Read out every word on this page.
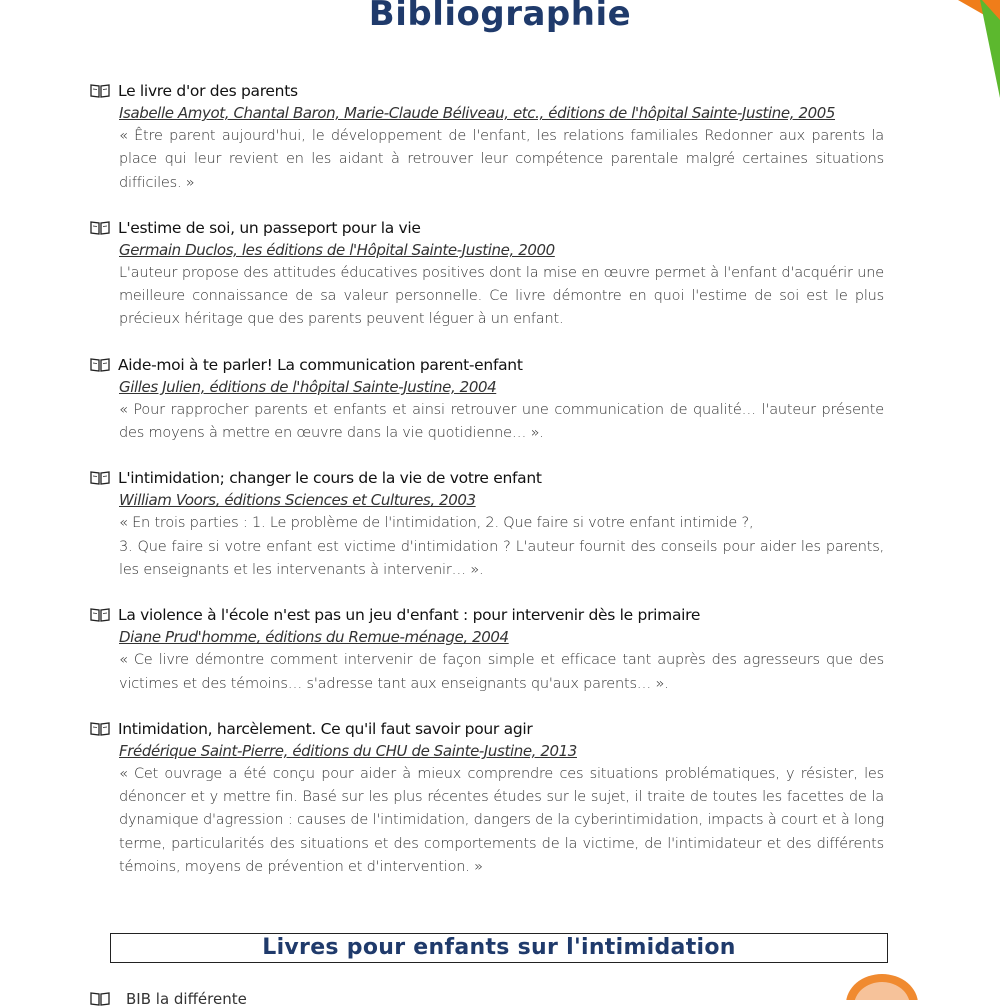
Bibliographie
Le livre d'or des parents
Isabelle Amyot, Chantal Baron, Marie-Claude Béliveau, etc., éditions de l'hôpital Sainte-Justine, 2005

« Être parent aujourd'hui, le développement de l'enfant, les relations familiales Redonner aux parents la place qui leur revient en les aidant à retrouver leur compétence parentale malgré certaines situations difficiles. »

L'estime de soi, un passeport pour la vie
Germain Duclos, les éditions de l'Hôpital Sainte-Justine, 2000

L'auteur propose des attitudes éducatives positives dont la mise en œuvre permet à l'enfant d'acquérir une meilleure connaissance de sa valeur personnelle. Ce livre démontre en quoi l'estime de soi est le plus précieux héritage que des parents peuvent léguer à un enfant.

Aide-moi à te parler! La communication parent-enfant
Gilles Julien, éditions de l'hôpital Sainte-Justine, 2004

« Pour rapprocher parents et enfants et ainsi retrouver une communication de qualité… l'auteur présente des moyens à mettre en œuvre dans la vie quotidienne… ».

L'intimidation; changer le cours de la vie de votre enfant
William Voors, éditions Sciences et Cultures, 2003

« En trois parties : 1. Le problème de l'intimidation, 2. Que faire si votre enfant intimide ?,

3. Que faire si votre enfant est victime d'intimidation ? L'auteur fournit des conseils pour aider les parents, les enseignants et les intervenants à intervenir… ».

La violence à l'école n'est pas un jeu d'enfant : pour intervenir dès le primaire
Diane Prud'homme, éditions du Remue-ménage, 2004

« Ce livre démontre comment intervenir de façon simple et efficace tant auprès des agresseurs que des victimes et des témoins… s'adresse tant aux enseignants qu'aux parents… ».

Intimidation, harcèlement. Ce qu'il faut savoir pour agir
Frédérique Saint-Pierre, éditions du CHU de Sainte-Justine, 2013

« Cet ouvrage a été conçu pour aider à mieux comprendre ces situations problématiques, y résister, les dénoncer et y mettre fin. Basé sur les plus récentes études sur le sujet, il traite de toutes les facettes de la dynamique d'agression : causes de l'intimidation, dangers de la cyberintimidation, impacts à court et à long terme, particularités des situations et des comportements de la victime, de l'intimidateur et des différents témoins, moyens de prévention et d'intervention. »

Livres pour enfants sur l'intimidation
BIB la différente
